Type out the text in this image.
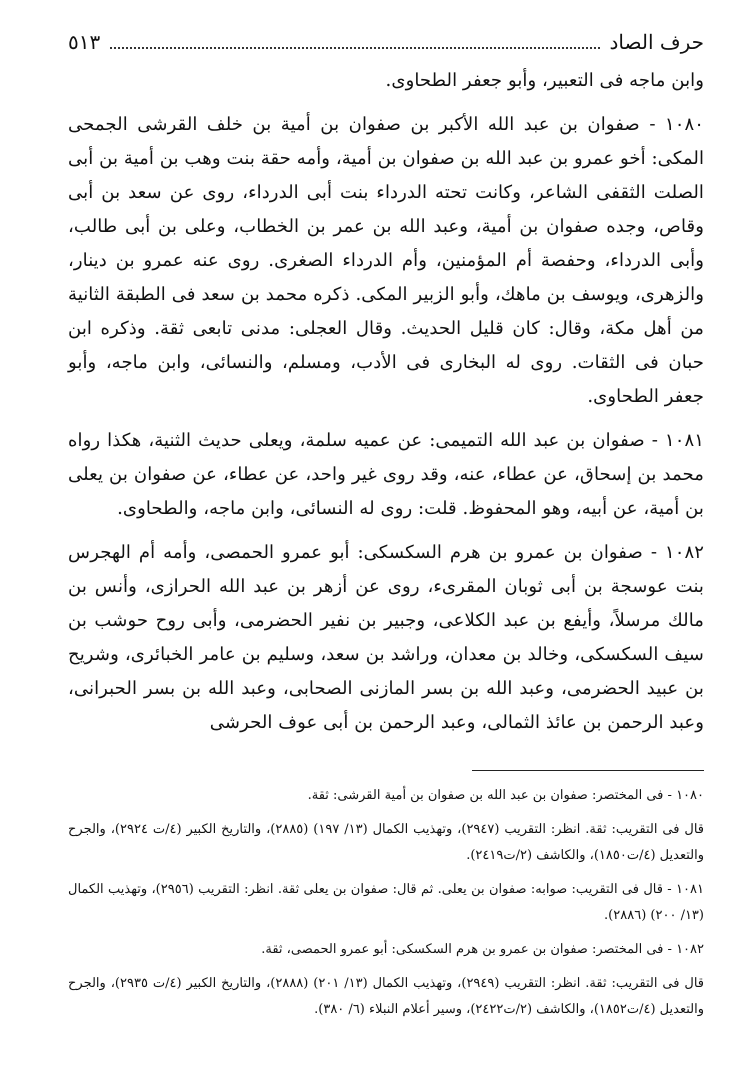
حرف الصاد
٥١٣

وابن ماجه فى التعبير، وأبو جعفر الطحاوى.

١٠٨٠ - صفوان بن عبد الله الأكبر بن صفوان بن أمية بن خلف القرشى الجمحى المكى: أخو عمرو بن عبد الله بن صفوان بن أمية، وأمه حقة بنت وهب بن أمية بن أبى الصلت الثقفى الشاعر، وكانت تحته الدرداء بنت أبى الدرداء، روى عن سعد بن أبى وقاص، وجده صفوان بن أمية، وعبد الله بن عمر بن الخطاب، وعلى بن أبى طالب، وأبى الدرداء، وحفصة أم المؤمنين، وأم الدرداء الصغرى. روى عنه عمرو بن دينار، والزهرى، ويوسف بن ماهك، وأبو الزبير المكى. ذكره محمد بن سعد فى الطبقة الثانية من أهل مكة، وقال: كان قليل الحديث. وقال العجلى: مدنى تابعى ثقة. وذكره ابن حبان فى الثقات. روى له البخارى فى الأدب، ومسلم، والنسائى، وابن ماجه، وأبو جعفر الطحاوى.

١٠٨١ - صفوان بن عبد الله التميمى: عن عميه سلمة، ويعلى حديث الثنية، هكذا رواه محمد بن إسحاق، عن عطاء، عنه، وقد روى غير واحد، عن عطاء، عن صفوان بن يعلى بن أمية، عن أبيه، وهو المحفوظ. قلت: روى له النسائى، وابن ماجه، والطحاوى.

١٠٨٢ - صفوان بن عمرو بن هرم السكسكى: أبو عمرو الحمصى، وأمه أم الهجرس بنت عوسجة بن أبى ثوبان المقرىء، روى عن أزهر بن عبد الله الحرازى، وأنس بن مالك مرسلاً، وأيفع بن عبد الكلاعى، وجبير بن نفير الحضرمى، وأبى روح حوشب بن سيف السكسكى، وخالد بن معدان، وراشد بن سعد، وسليم بن عامر الخبائرى، وشريح بن عبيد الحضرمى، وعبد الله بن بسر المازنى الصحابى، وعبد الله بن بسر الحبرانى، وعبد الرحمن بن عائذ الثمالى، وعبد الرحمن بن أبى عوف الحرشى

١٠٨٠ - فى المختصر: صفوان بن عبد الله بن صفوان بن أمية القرشى: ثقة.

قال فى التقريب: ثقة. انظر: التقريب (٢٩٤٧)، وتهذيب الكمال (١٣/ ١٩٧) (٢٨٨٥)، والتاريخ الكبير (٤/ت ٢٩٢٤)، والجرح والتعديل (٤/ت١٨٥٠)، والكاشف (٢/ت٢٤١٩).

١٠٨١ - قال فى التقريب: صوابه: صفوان بن يعلى. ثم قال: صفوان بن يعلى ثقة. انظر: التقريب (٢٩٥٦)، وتهذيب الكمال (١٣/ ٢٠٠) (٢٨٨٦).

١٠٨٢ - فى المختصر: صفوان بن عمرو بن هرم السكسكى: أبو عمرو الحمصى، ثقة.

قال فى التقريب: ثقة. انظر: التقريب (٢٩٤٩)، وتهذيب الكمال (١٣/ ٢٠١) (٢٨٨٨)، والتاريخ الكبير (٤/ت ٢٩٣٥)، والجرح والتعديل (٤/ت١٨٥٢)، والكاشف (٢/ت٢٤٢٢)، وسير أعلام النبلاء (٦/ ٣٨٠).
